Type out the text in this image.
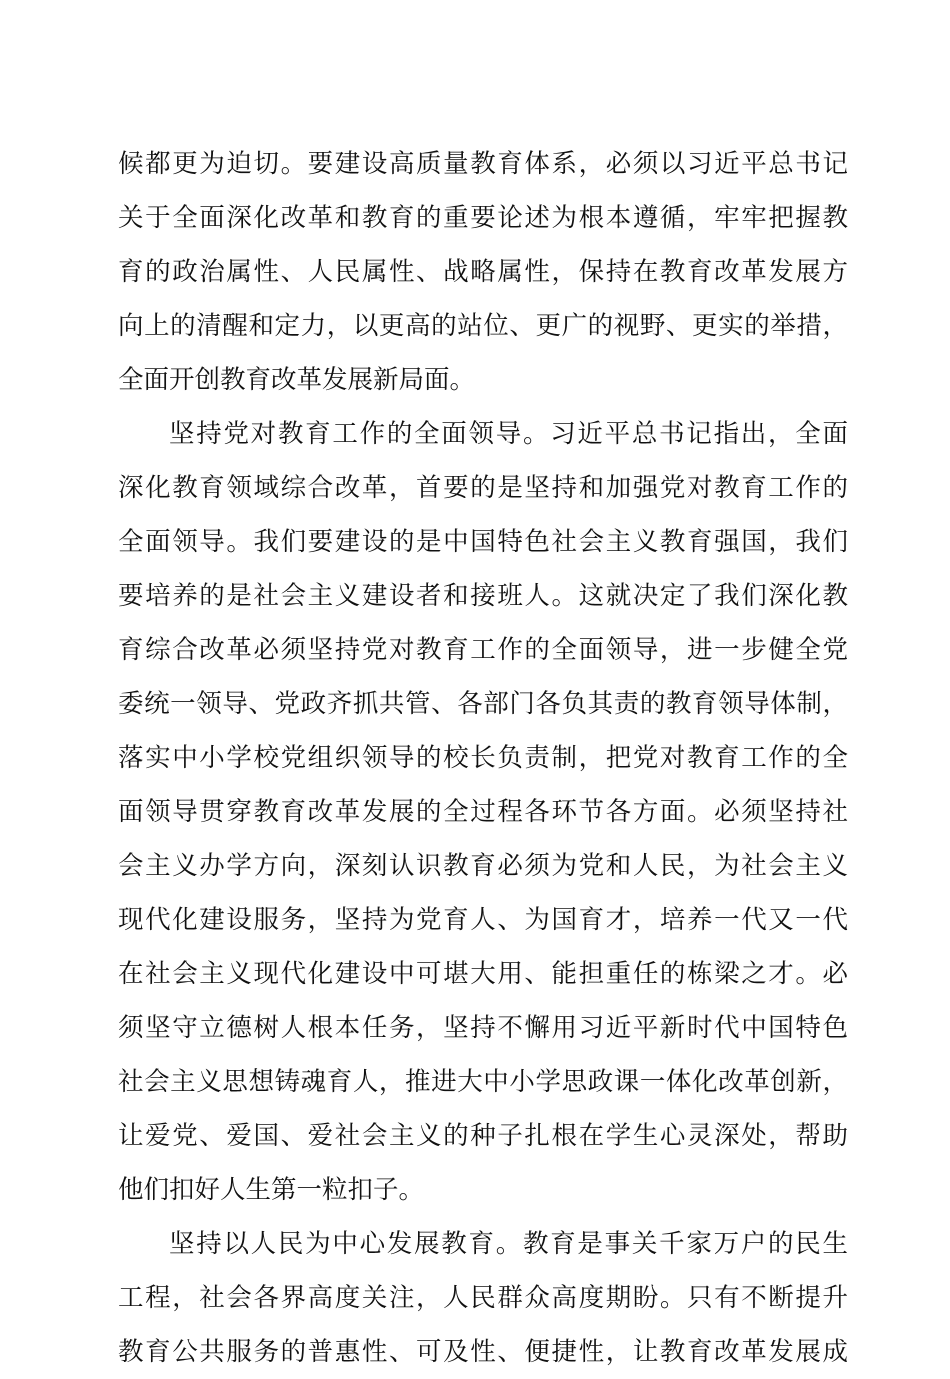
候都更为迫切。要建设高质量教育体系，必须以习近平总书记
关于全面深化改革和教育的重要论述为根本遵循，牢牢把握教
育的政治属性、人民属性、战略属性，保持在教育改革发展方
向上的清醒和定力，以更高的站位、更广的视野、更实的举措，
全面开创教育改革发展新局面。
坚持党对教育工作的全面领导。习近平总书记指出，全面
深化教育领域综合改革，首要的是坚持和加强党对教育工作的
全面领导。我们要建设的是中国特色社会主义教育强国，我们
要培养的是社会主义建设者和接班人。这就决定了我们深化教
育综合改革必须坚持党对教育工作的全面领导，进一步健全党
委统一领导、党政齐抓共管、各部门各负其责的教育领导体制，
落实中小学校党组织领导的校长负责制，把党对教育工作的全
面领导贯穿教育改革发展的全过程各环节各方面。必须坚持社
会主义办学方向，深刻认识教育必须为党和人民，为社会主义
现代化建设服务，坚持为党育人、为国育才，培养一代又一代
在社会主义现代化建设中可堪大用、能担重任的栋梁之才。必
须坚守立德树人根本任务，坚持不懈用习近平新时代中国特色
社会主义思想铸魂育人，推进大中小学思政课一体化改革创新，
让爱党、爱国、爱社会主义的种子扎根在学生心灵深处，帮助
他们扣好人生第一粒扣子。
坚持以人民为中心发展教育。教育是事关千家万户的民生
工程，社会各界高度关注，人民群众高度期盼。只有不断提升
教育公共服务的普惠性、可及性、便捷性，让教育改革发展成
